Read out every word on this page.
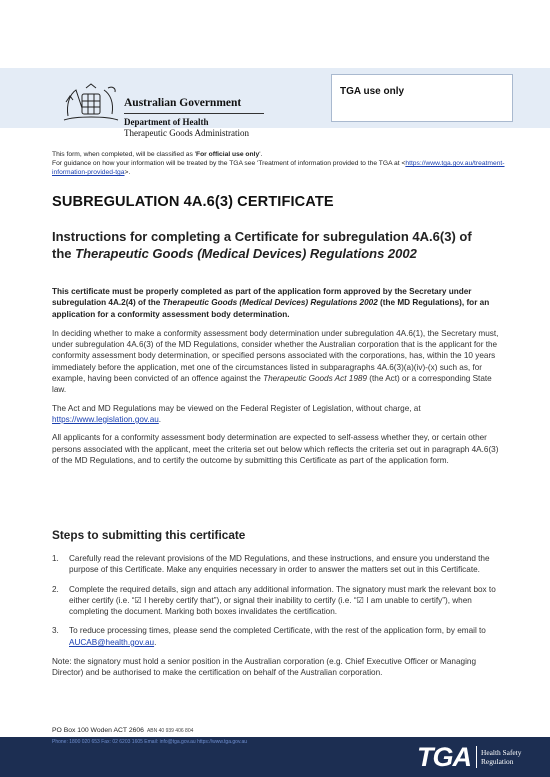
TGA use only
Australian Government
Department of Health
Therapeutic Goods Administration
This form, when completed, will be classified as 'For official use only'.
For guidance on how your information will be treated by the TGA see 'Treatment of information provided to the TGA at <https://www.tga.gov.au/treatment-information-provided-tga>.
SUBREGULATION 4A.6(3) CERTIFICATE
Instructions for completing a Certificate for subregulation 4A.6(3) of the Therapeutic Goods (Medical Devices) Regulations 2002

This certificate must be properly completed as part of the application form approved by the Secretary under subregulation 4A.2(4) of the Therapeutic Goods (Medical Devices) Regulations 2002 (the MD Regulations), for an application for a conformity assessment body determination.

In deciding whether to make a conformity assessment body determination under subregulation 4A.6(1), the Secretary must, under subregulation 4A.6(3) of the MD Regulations, consider whether the Australian corporation that is the applicant for the conformity assessment body determination, or specified persons associated with the corporations, has, within the 10 years immediately before the application, met one of the circumstances listed in subparagraphs 4A.6(3)(a)(iv)-(x) such as, for example, having been convicted of an offence against the Therapeutic Goods Act 1989 (the Act) or a corresponding State law.

The Act and MD Regulations may be viewed on the Federal Register of Legislation, without charge, at https://www.legislation.gov.au.

All applicants for a conformity assessment body determination are expected to self-assess whether they, or certain other persons associated with the applicant, meet the criteria set out below which reflects the criteria set out in paragraph 4A.6(3) of the MD Regulations, and to certify the outcome by submitting this Certificate as part of the application form.

Steps to submitting this certificate
1. Carefully read the relevant provisions of the MD Regulations, and these instructions, and ensure you understand the purpose of this Certificate. Make any enquiries necessary in order to answer the matters set out in this Certificate.
2. Complete the required details, sign and attach any additional information. The signatory must mark the relevant box to either certify (i.e. “☑ I hereby certify that”), or signal their inability to certify (i.e. “☑ I am unable to certify”), when completing the document. Marking both boxes invalidates the certification.
3. To reduce processing times, please send the completed Certificate, with the rest of the application form, by email to AUCAB@health.gov.au.

Note: the signatory must hold a senior position in the Australian corporation (e.g. Chief Executive Officer or Managing Director) and be authorised to make the certification on behalf of the Australian corporation.

PO Box 100 Woden ACT 2606 ABN 40 939 406 804
Phone: 1800 020 653 Fax: 02 6203 1605 Email: info@tga.gov.au https://www.tga.gov.au	TGA Health Safety
Regulation
